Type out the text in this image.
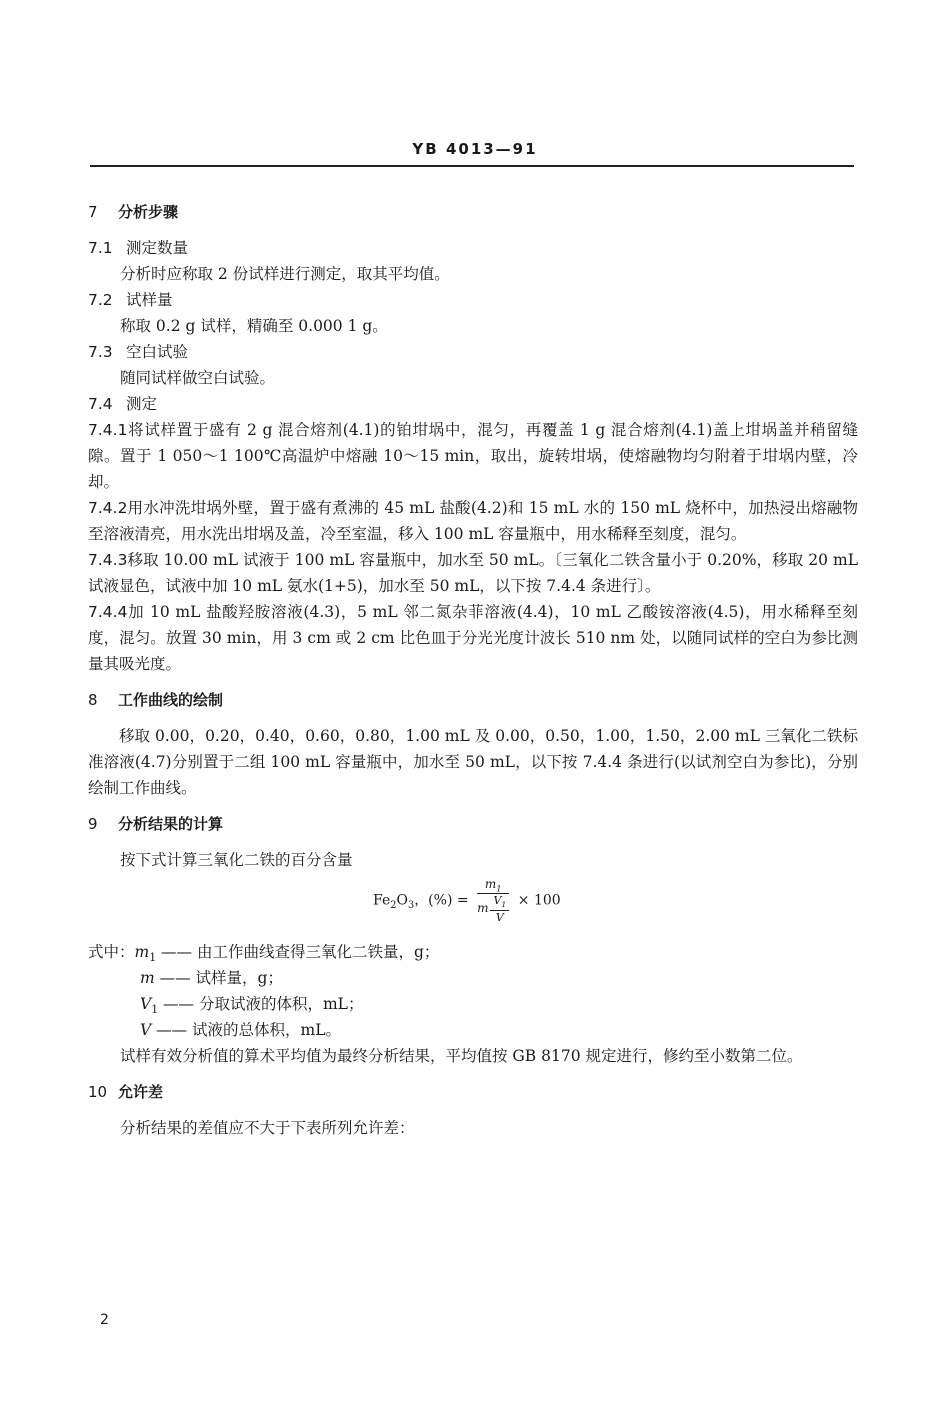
YB 4013—91
7 分析步骤
7.1 测定数量
分析时应称取 2 份试样进行测定，取其平均值。
7.2 试样量
称取 0.2 g 试样，精确至 0.000 1 g。
7.3 空白试验
随同试样做空白试验。
7.4 测定
7.4.1将试样置于盛有 2 g 混合熔剂(4.1)的铂坩埚中，混匀，再覆盖 1 g 混合熔剂(4.1)盖上坩埚盖并稍留缝隙。置于 1 050～1 100℃高温炉中熔融 10～15 min，取出，旋转坩埚，使熔融物均匀附着于坩埚内壁，冷却。
7.4.2用水冲洗坩埚外壁，置于盛有煮沸的 45 mL 盐酸(4.2)和 15 mL 水的 150 mL 烧杯中，加热浸出熔融物至溶液清亮，用水洗出坩埚及盖，冷至室温，移入 100 mL 容量瓶中，用水稀释至刻度，混匀。
7.4.3移取 10.00 mL 试液于 100 mL 容量瓶中，加水至 50 mL。〔三氧化二铁含量小于 0.20%，移取 20 mL试液显色，试液中加 10 mL 氨水(1+5)，加水至 50 mL，以下按 7.4.4 条进行〕。
7.4.4加 10 mL 盐酸羟胺溶液(4.3)，5 mL 邻二氮杂菲溶液(4.4)，10 mL 乙酸铵溶液(4.5)，用水稀释至刻度，混匀。放置 30 min，用 3 cm 或 2 cm 比色皿于分光光度计波长 510 nm 处，以随同试样的空白为参比测量其吸光度。
8 工作曲线的绘制
移取 0.00，0.20，0.40，0.60，0.80，1.00 mL 及 0.00，0.50，1.00，1.50，2.00 mL 三氧化二铁标准溶液(4.7)分别置于二组 100 mL 容量瓶中，加水至 50 mL，以下按 7.4.4 条进行(以试剂空白为参比)，分别绘制工作曲线。
9 分析结果的计算
按下式计算三氧化二铁的百分含量
$Fe_2O_3$，(%) = $\frac{m_1}{m \frac{V_1}{V}} \times 100$
式中：$m_1$ —— 由工作曲线查得三氧化二铁量，g；
m —— 试样量，g；
$V_1$ —— 分取试液的体积，mL；
V —— 试液的总体积，mL。
试样有效分析值的算术平均值为最终分析结果，平均值按 GB 8170 规定进行，修约至小数第二位。
10 允许差
分析结果的差值应不大于下表所列允许差：
2
